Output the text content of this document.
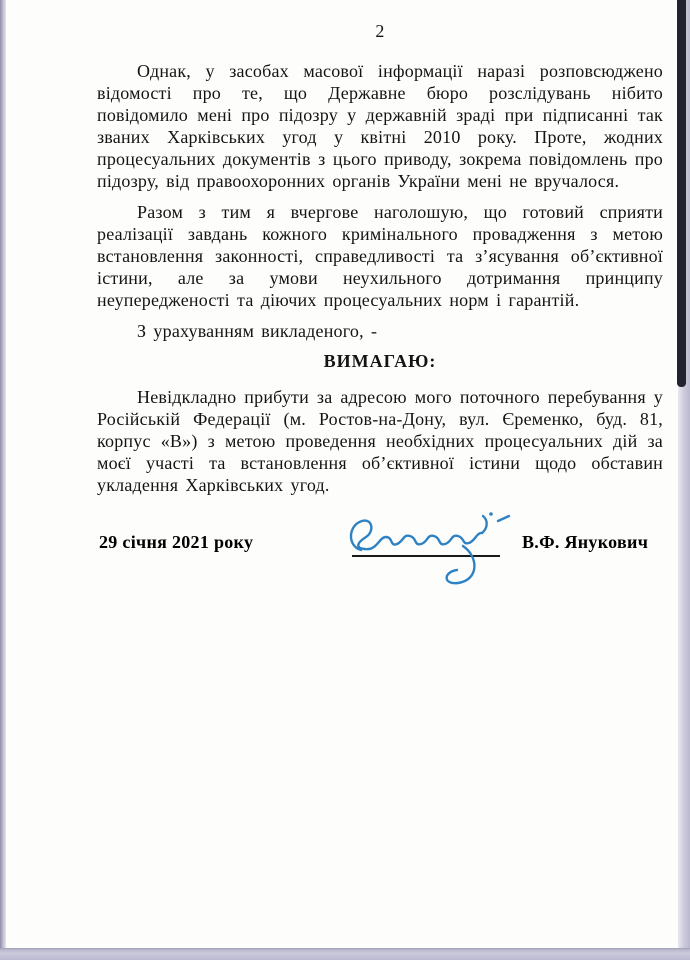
2

Однак, у засобах масової інформації наразі розповсюджено відомості про те, що Державне бюро розслідувань нібито повідомило мені про підозру у державній зраді при підписанні так званих Харківських угод у квітні 2010 року. Проте, жодних процесуальних документів з цього приводу, зокрема повідомлень про підозру, від правоохоронних органів України мені не вручалося.

Разом з тим я вчергове наголошую, що готовий сприяти реалізації завдань кожного кримінального провадження з метою встановлення законності, справедливості та з’ясування об’єктивної істини, але за умови неухильного дотримання принципу неупередженості та діючих процесуальних норм і гарантій.

З урахуванням викладеного, -

ВИМАГАЮ:

Невідкладно прибути за адресою мого поточного перебування у Російській Федерації (м. Ростов-на-Дону, вул. Єременко, буд. 81, корпус «В») з метою проведення необхідних процесуальних дій за моєї участі та встановлення об’єктивної істини щодо обставин укладення Харківських угод.

29 січня 2021 року	В.Ф. Янукович
